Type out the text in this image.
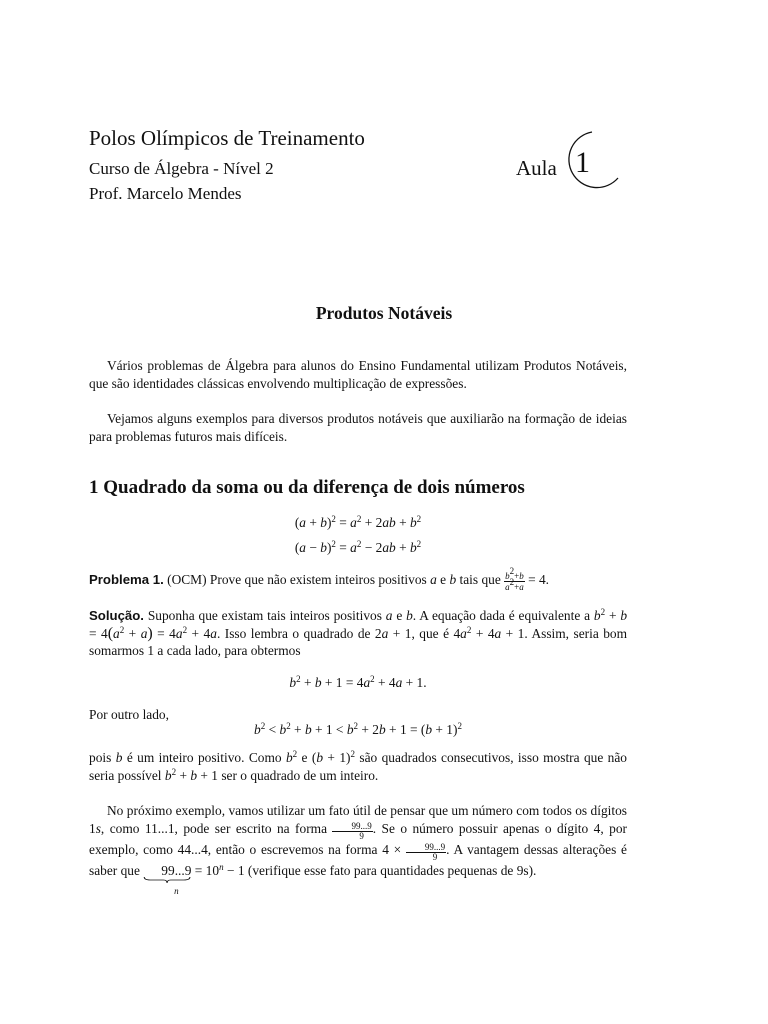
Polos Olímpicos de Treinamento
Curso de Álgebra - Nível 2
Prof. Marcelo Mendes
Aula 1
Produtos Notáveis
Vários problemas de Álgebra para alunos do Ensino Fundamental utilizam Produtos Notáveis, que são identidades clássicas envolvendo multiplicação de expressões.
Vejamos alguns exemplos para diversos produtos notáveis que auxiliarão na formação de ideias para problemas futuros mais difíceis.
1 Quadrado da soma ou da diferença de dois números
$(a + b)^2 = a^2 + 2ab + b^2$
$(a - b)^2 = a^2 - 2ab + b^2$
Problema 1. (OCM) Prove que não existem inteiros positivos a e b tais que $\frac{b^2+b}{a^2+a} = 4$.
Solução. Suponha que existam tais inteiros positivos a e b. A equação dada é equivalente a $b^2 + b = 4(a^2 + a) = 4a^2 + 4a$. Isso lembra o quadrado de 2a + 1, que é $4a^2 + 4a + 1$. Assim, seria bom somarmos 1 a cada lado, para obtermos
$b^2 + b + 1 = 4a^2 + 4a + 1$.
Por outro lado,
$b^2 < b^2 + b + 1 < b^2 + 2b + 1 = (b + 1)^2$
pois b é um inteiro positivo. Como $b^2$ e $(b + 1)^2$ são quadrados consecutivos, isso mostra que não seria possível $b^2 + b + 1$ ser o quadrado de um inteiro.
No próximo exemplo, vamos utilizar um fato útil de pensar que um número com todos os dígitos 1s, como 11...1, pode ser escrito na forma $\frac{99...9}{9}$ . Se o número possuir apenas o dígito 4, por exemplo, como 44...4, então o escrevemos na forma $4 \times \frac{99...9}{9}$ . A vantagem dessas alterações é saber que 99...9
n
= $10^n - 1$ (verifique esse fato para quantidades pequenas de 9s).
